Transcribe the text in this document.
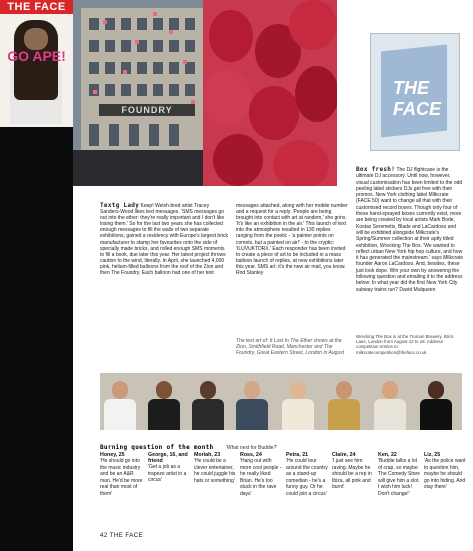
THE FACE
GO APE!
FOUNDRY
THE FACE
Box fresh! The DJ flightcase is the ultimate DJ accessory. Until now, however, visual customisation has been limited to the odd peeling label stickers DJs get free with their promos. New York clothing label Milkcrate (FACE 50) want to change all that with their customised record boxes. Though only four of these hand-sprayed boxes currently exist, more are being created by local artists Mark Bode, Kostas Seremetis, Blade and LaCardoso and will be exhibited alongside Milkcrate's Spring/Summer collection at their aptly titled exhibition, Wrecking The Box. 'We wanted to reflect urban New York hip hop culture, and how it has generated the mainstream,' says Milkcrate founder Aaron LaCardoso. And, besides, these just look dope. Win your own by answering the following question and emailing it to the address below: In what year did the first New York City subway trains run? David Mulqueen
Wrecking The Box is at the Truman Brewery, Brick Lane, London from August 12 to 18. Address competition entries to: milkcratecompetition@theface.co.uk
Textg Lady Keep! Welsh-bred artist Tracey Sanders-Wood likes text messages. 'SMS messages go out into the ether: they're really important and I don't like losing them.' So for the last two years she has collected enough messages to fill the walls of two separate exhibitions, gained a residency with Europe's largest brick manufacturer to stamp her favourites onto the side of specially made bricks, and rolled enough SMS moments to fill a book, due later this year. Her latest project throws caution to the wind, literally. In April, she launched 4,000 pink, helium-filled balloons from the roof of the Zion and then The Foundry. Each balloon had one of her text
messages attached, along with her mobile number and a request for a reply. 'People are being brought into contact with art at random,' she grins. 'It's like an exhibition in the air.' This launch of text into the atmosphere resulted in 130 replies ranging from the poetic - 'a painter points on comets, but a painted on air!' - to the cryptic: 'ILUVUKTDRX.' Each responder has been invited to create a piece of art to be included in a mass balloon launch of replies, at new exhibitions later this year. SMS art: it's the new air mail, you know. Rod Stanley
The text art of: It Lost In The Ether shows at the Zion, Smithfield Road, Manchester and The Foundry, Great Eastern Street, London in August
Burning question of the month 'What next for Buddie?'
Honey, 25
'He should go into the music industry and be an A&R man. He'd be more real than most of them'
George, 16, and friend
'Get a job as a trapeze artist in a circus'
Moriah, 23
'He could be a clever entertainer, he could juggle his hats or something'
Ross, 24
'Hang out with more cool people - he really liked Brian. He's too stuck in the rave days'
Petra, 21
'He could tour around the country as a stand-up comedian - he's a funny guy. Or he could join a circus'
Claire, 24
'I just see him raving. Maybe he should be a rep in Ibiza, all pink and burnt'
Ken, 22
'Buddie talks a lot of crap, so maybe The Comedy Store will give him a slot. I wish him luck! Don't change!'
Liz, 25
'As the police want to question him, maybe he should go into hiding. And stay there'
42 THE FACE
